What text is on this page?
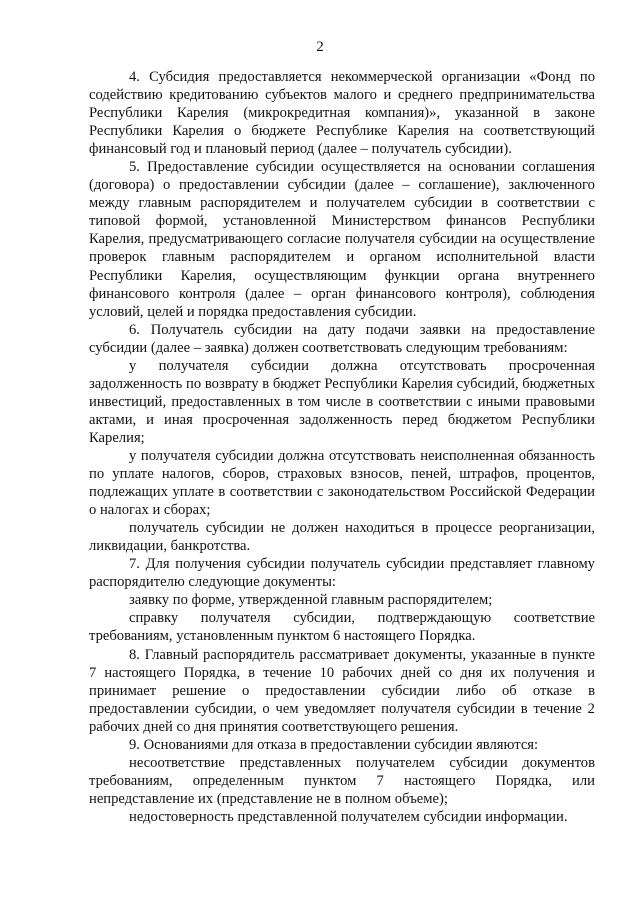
2

4. Субсидия предоставляется некоммерческой организации «Фонд по содействию кредитованию субъектов малого и среднего предпринимательства Республики Карелия (микрокредитная компания)», указанной в законе Республики Карелия о бюджете Республике Карелия на соответствующий финансовый год и плановый период (далее – получатель субсидии).

5. Предоставление субсидии осуществляется на основании соглашения (договора) о предоставлении субсидии (далее – соглашение), заключенного между главным распорядителем и получателем субсидии в соответствии с типовой формой, установленной Министерством финансов Республики Карелия, предусматривающего согласие получателя субсидии на осуществление проверок главным распорядителем и органом исполнительной власти Республики Карелия, осуществляющим функции органа внутреннего финансового контроля (далее – орган финансового контроля), соблюдения условий, целей и порядка предоставления субсидии.

6. Получатель субсидии на дату подачи заявки на предоставление субсидии (далее – заявка) должен соответствовать следующим требованиям:

у получателя субсидии должна отсутствовать просроченная задолженность по возврату в бюджет Республики Карелия субсидий, бюджетных инвестиций, предоставленных в том числе в соответствии с иными правовыми актами, и иная просроченная задолженность перед бюджетом Республики Карелия;

у получателя субсидии должна отсутствовать неисполненная обязанность по уплате налогов, сборов, страховых взносов, пеней, штрафов, процентов, подлежащих уплате в соответствии с законодательством Российской Федерации о налогах и сборах;

получатель субсидии не должен находиться в процессе реорганизации, ликвидации, банкротства.

7. Для получения субсидии получатель субсидии представляет главному распорядителю следующие документы:

заявку по форме, утвержденной главным распорядителем;

справку получателя субсидии, подтверждающую соответствие требованиям, установленным пунктом 6 настоящего Порядка.

8. Главный распорядитель рассматривает документы, указанные в пункте 7 настоящего Порядка, в течение 10 рабочих дней со дня их получения и принимает решение о предоставлении субсидии либо об отказе в предоставлении субсидии, о чем уведомляет получателя субсидии в течение 2 рабочих дней со дня принятия соответствующего решения.

9. Основаниями для отказа в предоставлении субсидии являются:

несоответствие представленных получателем субсидии документов требованиям, определенным пунктом 7 настоящего Порядка, или непредставление их (представление не в полном объеме);

недостоверность представленной получателем субсидии информации.
